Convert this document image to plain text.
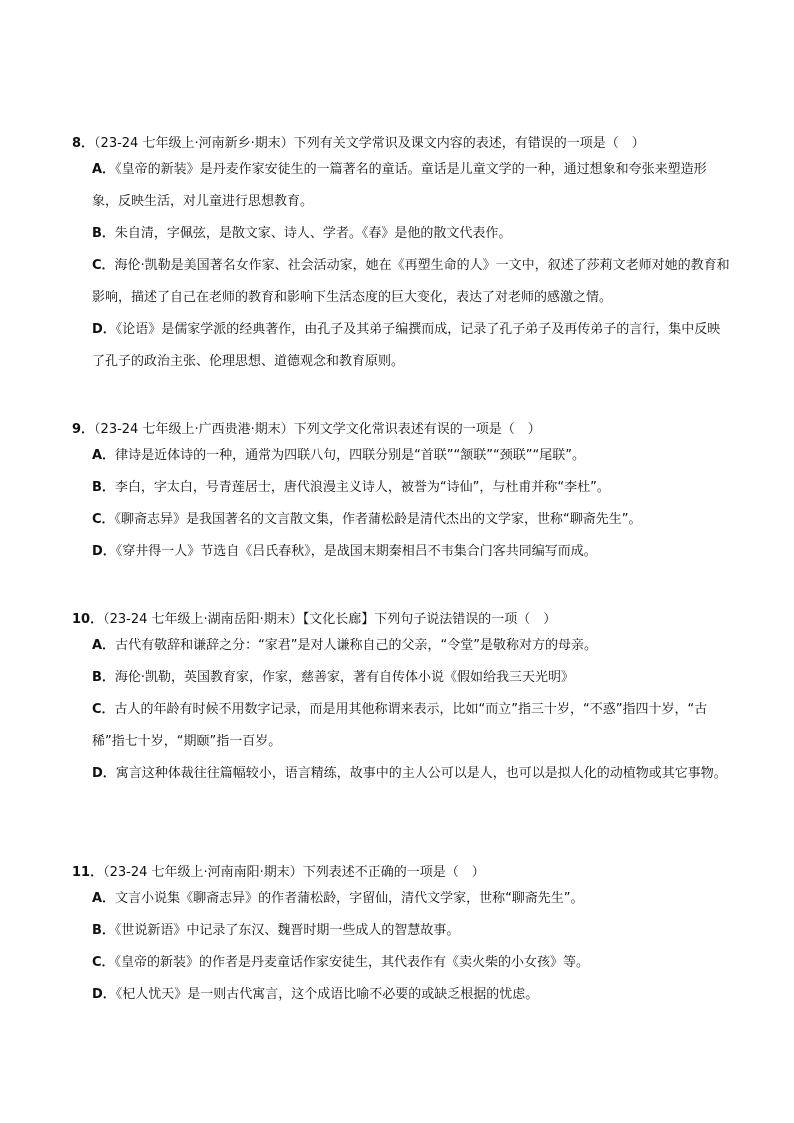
8．（23-24 七年级上·河南新乡·期末）下列有关文学常识及课文内容的表述，有错误的一项是（　）
A．《皇帝的新装》是丹麦作家安徒生的一篇著名的童话。童话是儿童文学的一种，通过想象和夸张来塑造形象，反映生活，对儿童进行思想教育。
B．朱自清，字佩弦，是散文家、诗人、学者。《春》是他的散文代表作。
C．海伦·凯勒是美国著名女作家、社会活动家，她在《再塑生命的人》一文中，叙述了莎莉文老师对她的教育和影响，描述了自己在老师的教育和影响下生活态度的巨大变化，表达了对老师的感激之情。
D．《论语》是儒家学派的经典著作，由孔子及其弟子编撰而成，记录了孔子弟子及再传弟子的言行，集中反映了孔子的政治主张、伦理思想、道德观念和教育原则。
9．（23-24 七年级上·广西贵港·期末）下列文学文化常识表述有误的一项是（　）
A．律诗是近体诗的一种，通常为四联八句，四联分别是“首联”“颔联”“颈联”“尾联”。
B．李白，字太白，号青莲居士，唐代浪漫主义诗人，被誉为“诗仙”，与杜甫并称“李杜”。
C．《聊斋志异》是我国著名的文言散文集，作者蒲松龄是清代杰出的文学家，世称“聊斋先生”。
D．《穿井得一人》节选自《吕氏春秋》，是战国末期秦相吕不韦集合门客共同编写而成。
10．（23-24 七年级上·湖南岳阳·期末）【文化长廊】下列句子说法错误的一项（　）
A．古代有敬辞和谦辞之分：“家君”是对人谦称自己的父亲，“令堂”是敬称对方的母亲。
B．海伦·凯勒，英国教育家，作家，慈善家，著有自传体小说《假如给我三天光明》
C．古人的年龄有时候不用数字记录，而是用其他称谓来表示，比如“而立”指三十岁，“不惑”指四十岁，“古稀”指七十岁，“期颐”指一百岁。
D．寓言这种体裁往往篇幅较小，语言精练，故事中的主人公可以是人，也可以是拟人化的动植物或其它事物。
11．（23-24 七年级上·河南南阳·期末）下列表述不正确的一项是（　）
A．文言小说集《聊斋志异》的作者蒲松龄，字留仙，清代文学家，世称“聊斋先生”。
B．《世说新语》中记录了东汉、魏晋时期一些成人的智慧故事。
C．《皇帝的新装》的作者是丹麦童话作家安徒生，其代表作有《卖火柴的小女孩》等。
D．《杞人忧天》是一则古代寓言，这个成语比喻不必要的或缺乏根据的忧虑。
